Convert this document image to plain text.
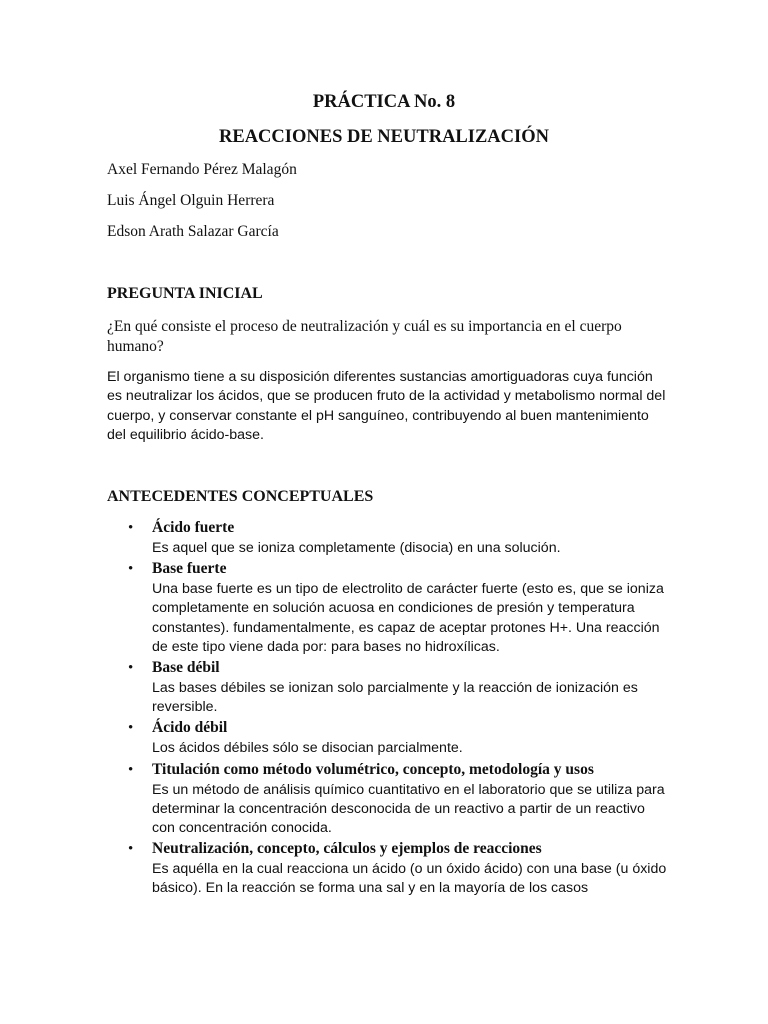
PRÁCTICA No. 8
REACCIONES DE NEUTRALIZACIÓN
Axel Fernando Pérez Malagón
Luis Ángel Olguin Herrera
Edson Arath Salazar García
PREGUNTA INICIAL
¿En qué consiste el proceso de neutralización y cuál es su importancia en el cuerpo humano?
El organismo tiene a su disposición diferentes sustancias amortiguadoras cuya función es neutralizar los ácidos, que se producen fruto de la actividad y metabolismo normal del cuerpo, y conservar constante el pH sanguíneo, contribuyendo al buen mantenimiento del equilibrio ácido-base.
ANTECEDENTES CONCEPTUALES
• Ácido fuerte
Es aquel que se ioniza completamente (disocia) en una solución.
• Base fuerte
Una base fuerte es un tipo de electrolito de carácter fuerte (esto es, que se ioniza completamente en solución acuosa en condiciones de presión y temperatura constantes). fundamentalmente, es capaz de aceptar protones H+. Una reacción de este tipo viene dada por: para bases no hidroxílicas.
• Base débil
Las bases débiles se ionizan solo parcialmente y la reacción de ionización es reversible.
• Ácido débil
Los ácidos débiles sólo se disocian parcialmente.
• Titulación como método volumétrico, concepto, metodología y usos
Es un método de análisis químico cuantitativo en el laboratorio que se utiliza para determinar la concentración desconocida de un reactivo a partir de un reactivo con concentración conocida.
• Neutralización, concepto, cálculos y ejemplos de reacciones
Es aquélla en la cual reacciona un ácido (o un óxido ácido) con una base (u óxido básico). En la reacción se forma una sal y en la mayoría de los casos
